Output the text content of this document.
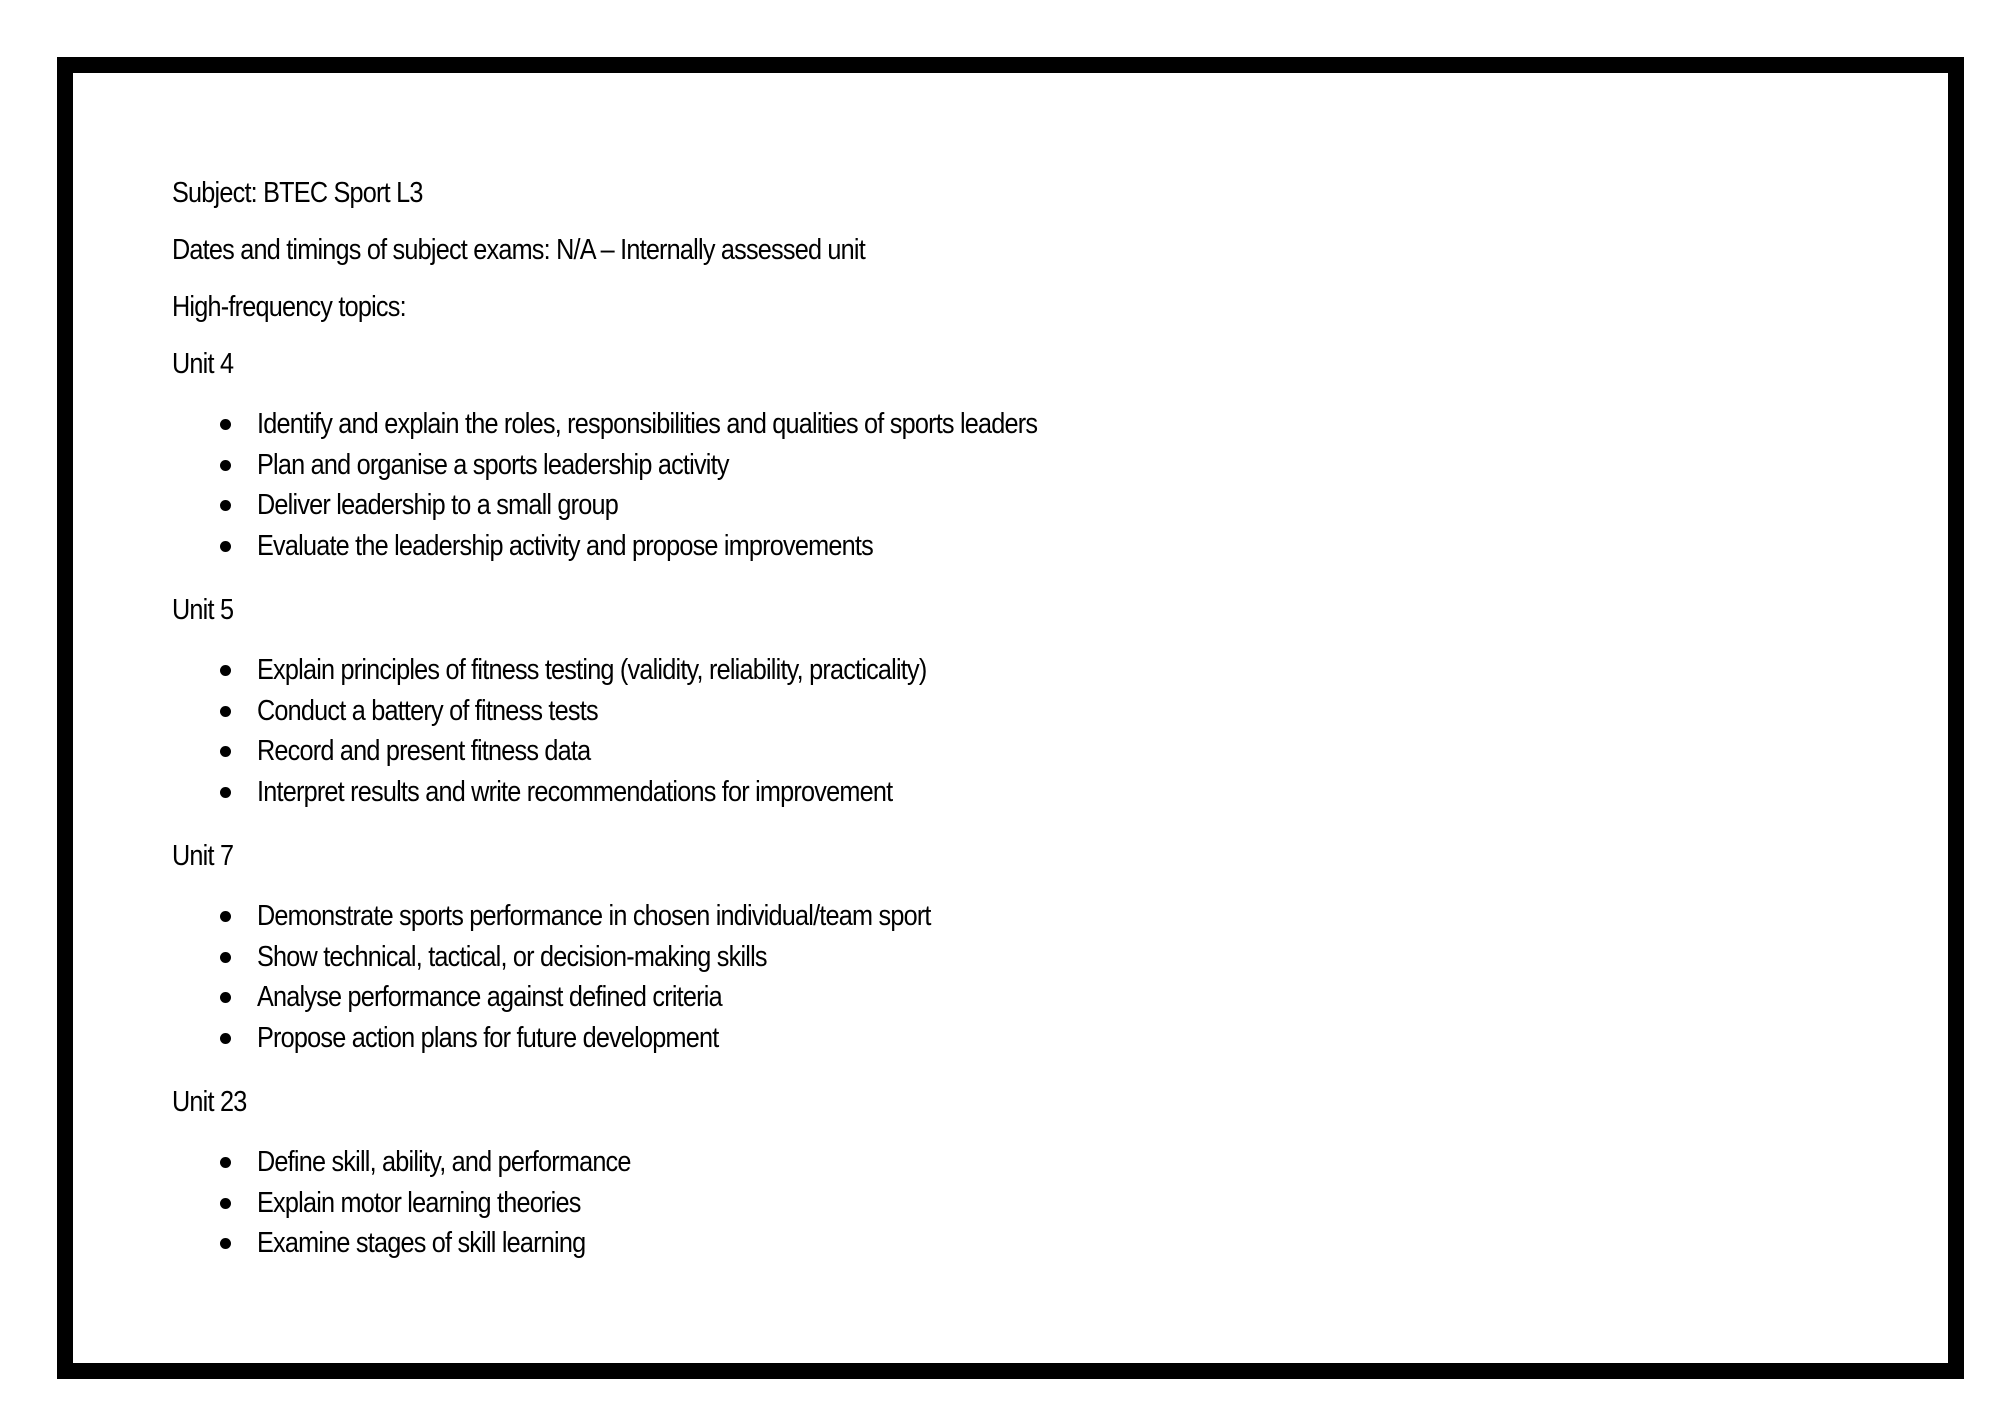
Subject: BTEC Sport L3

Dates and timings of subject exams: N/A – Internally assessed unit

High-frequency topics:

Unit 4

Identify and explain the roles, responsibilities and qualities of sports leaders
Plan and organise a sports leadership activity
Deliver leadership to a small group
Evaluate the leadership activity and propose improvements

Unit 5

Explain principles of fitness testing (validity, reliability, practicality)
Conduct a battery of fitness tests
Record and present fitness data
Interpret results and write recommendations for improvement

Unit 7

Demonstrate sports performance in chosen individual/team sport
Show technical, tactical, or decision-making skills
Analyse performance against defined criteria
Propose action plans for future development

Unit 23

Define skill, ability, and performance
Explain motor learning theories
Examine stages of skill learning
